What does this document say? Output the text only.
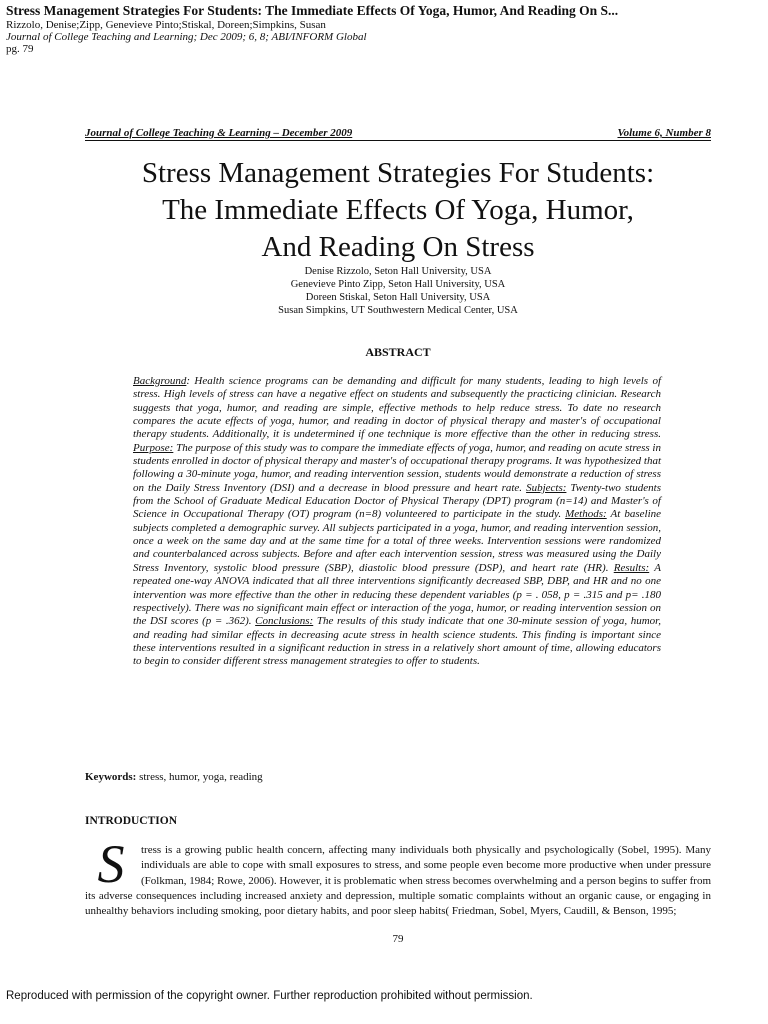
Stress Management Strategies For Students: The Immediate Effects Of Yoga, Humor, And Reading On S...
Rizzolo, Denise;Zipp, Genevieve Pinto;Stiskal, Doreen;Simpkins, Susan
Journal of College Teaching and Learning; Dec 2009; 6, 8; ABI/INFORM Global
pg. 79
Journal of College Teaching & Learning – December 2009	Volume 6, Number 8
Stress Management Strategies For Students:
The Immediate Effects Of Yoga, Humor,
And Reading On Stress
Denise Rizzolo, Seton Hall University, USA
Genevieve Pinto Zipp, Seton Hall University, USA
Doreen Stiskal, Seton Hall University, USA
Susan Simpkins, UT Southwestern Medical Center, USA
ABSTRACT

Background: Health science programs can be demanding and difficult for many students, leading to high levels of stress. High levels of stress can have a negative effect on students and subsequently the practicing clinician. Research suggests that yoga, humor, and reading are simple, effective methods to help reduce stress. To date no research compares the acute effects of yoga, humor, and reading in doctor of physical therapy and master's of occupational therapy students. Additionally, it is undetermined if one technique is more effective than the other in reducing stress. Purpose: The purpose of this study was to compare the immediate effects of yoga, humor, and reading on acute stress in students enrolled in doctor of physical therapy and master's of occupational therapy programs. It was hypothesized that following a 30-minute yoga, humor, and reading intervention session, students would demonstrate a reduction of stress on the Daily Stress Inventory (DSI) and a decrease in blood pressure and heart rate. Subjects: Twenty-two students from the School of Graduate Medical Education Doctor of Physical Therapy (DPT) program (n=14) and Master's of Science in Occupational Therapy (OT) program (n=8) volunteered to participate in the study. Methods: At baseline subjects completed a demographic survey. All subjects participated in a yoga, humor, and reading intervention session, once a week on the same day and at the same time for a total of three weeks. Intervention sessions were randomized and counterbalanced across subjects. Before and after each intervention session, stress was measured using the Daily Stress Inventory, systolic blood pressure (SBP), diastolic blood pressure (DSP), and heart rate (HR). Results: A repeated one-way ANOVA indicated that all three interventions significantly decreased SBP, DBP, and HR and no one intervention was more effective than the other in reducing these dependent variables (p = . 058, p = .315 and p= .180 respectively). There was no significant main effect or interaction of the yoga, humor, or reading intervention session on the DSI scores (p = .362). Conclusions: The results of this study indicate that one 30-minute session of yoga, humor, and reading had similar effects in decreasing acute stress in health science students. This finding is important since these interventions resulted in a significant reduction in stress in a relatively short amount of time, allowing educators to begin to consider different stress management strategies to offer to students.

Keywords: stress, humor, yoga, reading
INTRODUCTION

S	tress is a growing public health concern, affecting many individuals both physically and psychologically (Sobel, 1995). Many individuals are able to cope with small exposures to stress, and some people even become more productive when under pressure (Folkman, 1984; Rowe, 2006). However, it is problematic when stress becomes overwhelming and a person begins to suffer from its adverse consequences including increased anxiety and depression, multiple somatic complaints without an organic cause, or engaging in unhealthy behaviors including smoking, poor dietary habits, and poor sleep habits( Friedman, Sobel, Myers, Caudill, & Benson, 1995;

79
Reproduced with permission of the copyright owner. Further reproduction prohibited without permission.
